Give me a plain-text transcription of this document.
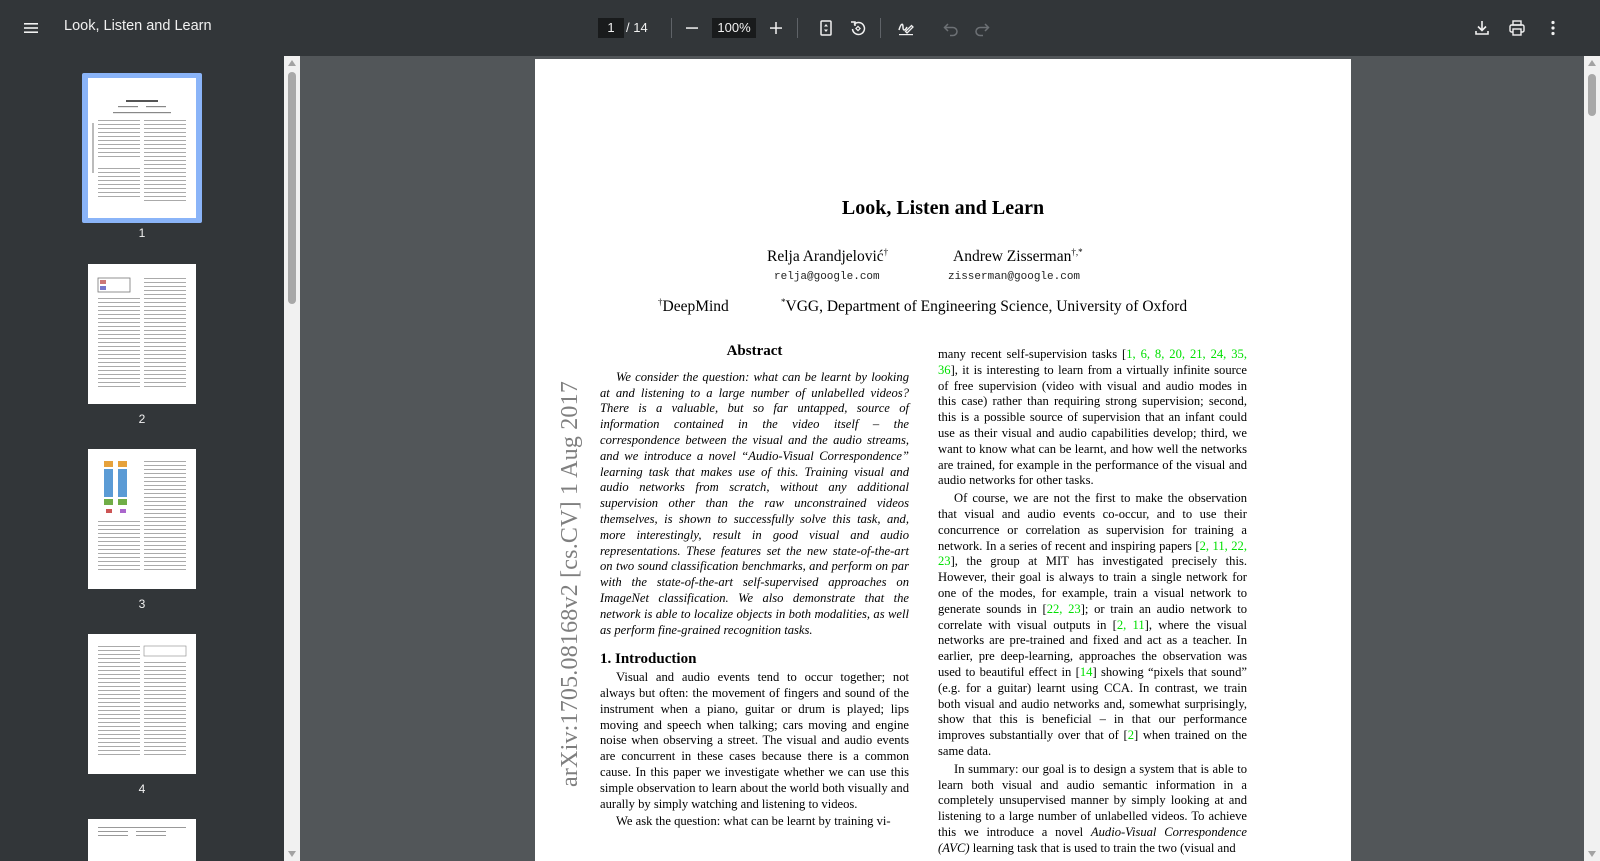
Look, Listen and Learn	1 / 14	100%
1
2
3
4
Look, Listen and Learn
Relja Arandjelović†
relja@google.com
Andrew Zisserman†,*
zisserman@google.com
†DeepMind	*VGG, Department of Engineering Science, University of Oxford
arXiv:1705.08168v2 [cs.CV] 1 Aug 2017
Abstract

We consider the question: what can be learnt by looking at and listening to a large number of unlabelled videos? There is a valuable, but so far untapped, source of information contained in the video itself – the correspondence between the visual and the audio streams, and we introduce a novel “Audio-Visual Correspondence” learning task that makes use of this. Training visual and audio networks from scratch, without any additional supervision other than the raw unconstrained videos themselves, is shown to successfully solve this task, and, more interestingly, result in good visual and audio representations. These features set the new state-of-the-art on two sound classification benchmarks, and perform on par with the state-of-the-art self-supervised approaches on ImageNet classification. We also demonstrate that the network is able to localize objects in both modalities, as well as perform fine-grained recognition tasks.

1. Introduction

Visual and audio events tend to occur together; not always but often: the movement of fingers and sound of the instrument when a piano, guitar or drum is played; lips moving and speech when talking; cars moving and engine noise when observing a street. The visual and audio events are concurrent in these cases because there is a common cause. In this paper we investigate whether we can use this simple observation to learn about the world both visually and aurally by simply watching and listening to videos.

We ask the question: what can be learnt by training vi-

many recent self-supervision tasks [1, 6, 8, 20, 21, 24, 35, 36], it is interesting to learn from a virtually infinite source of free supervision (video with visual and audio modes in this case) rather than requiring strong supervision; second, this is a possible source of supervision that an infant could use as their visual and audio capabilities develop; third, we want to know what can be learnt, and how well the networks are trained, for example in the performance of the visual and audio networks for other tasks.

Of course, we are not the first to make the observation that visual and audio events co-occur, and to use their concurrence or correlation as supervision for training a network. In a series of recent and inspiring papers [2, 11, 22, 23], the group at MIT has investigated precisely this. However, their goal is always to train a single network for one of the modes, for example, train a visual network to generate sounds in [22, 23]; or train an audio network to correlate with visual outputs in [2, 11], where the visual networks are pre-trained and fixed and act as a teacher. In earlier, pre deep-learning, approaches the observation was used to beautiful effect in [14] showing “pixels that sound” (e.g. for a guitar) learnt using CCA. In contrast, we train both visual and audio networks and, somewhat surprisingly, show that this is beneficial – in that our performance improves substantially over that of [2] when trained on the same data.

In summary: our goal is to design a system that is able to learn both visual and audio semantic information in a completely unsupervised manner by simply looking at and listening to a large number of unlabelled videos. To achieve this we introduce a novel Audio-Visual Correspondence (AVC) learning task that is used to train the two (visual and
